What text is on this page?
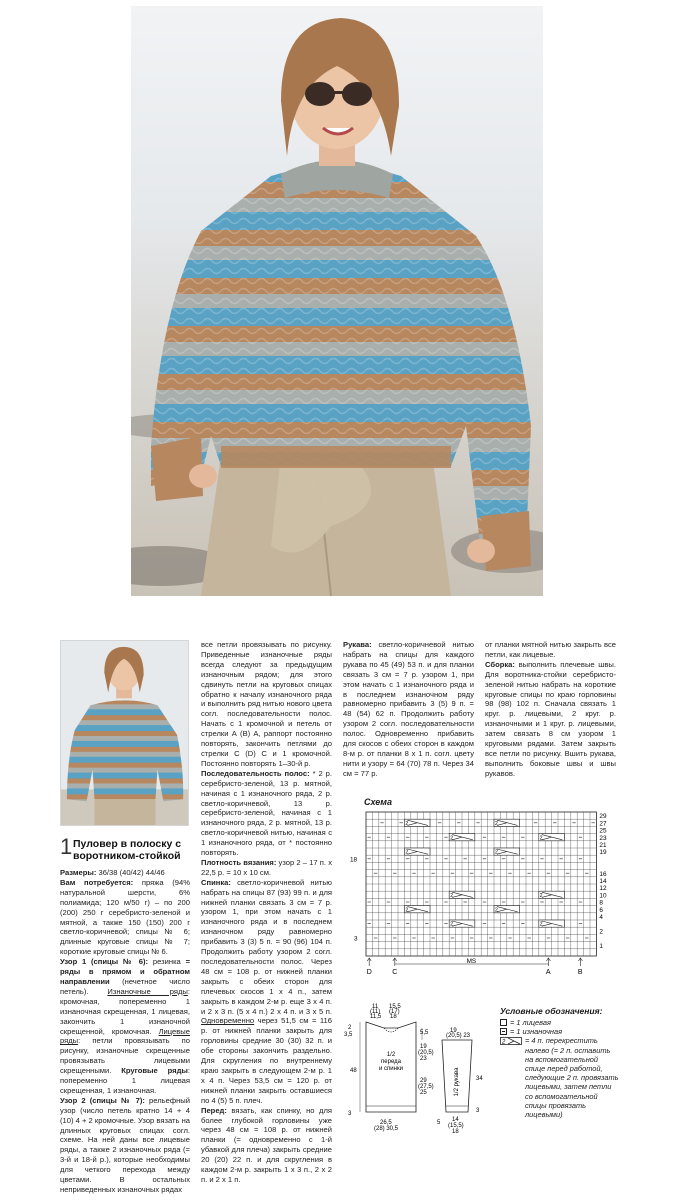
1 Пуловер в полоску с воротником-стойкой

Размеры: 36/38 (40/42) 44/46

Вам потребуется: пряжа (94% натуральной шерсти, 6% полиамида; 120 м/50 г) – по 200 (200) 250 г серебристо-зеленой и мятной, а также 150 (150) 200 г светло-коричневой; спицы № 6; длинные круговые спицы № 7; короткие круговые спицы № 6.

Узор 1 (спицы № 6): резинка = ряды в прямом и обратном направлении (нечетное число петель). Изнаночные ряды: кромочная, попеременно 1 изнаночная скрещенная, 1 лицевая, закончить 1 изнаночной скрещенной, кромочная. Лицевые ряды: петли провязывать по рисунку, изнаночные скрещенные провязывать лицевыми скрещенными. Круговые ряды: попеременно 1 лицевая скрещенная, 1 изнаночная.

Узор 2 (спицы № 7): рельефный узор (число петель кратно 14 + 4 (10) 4 + 2 кромочные. Узор вязать на длинных круговых спицах согл. схеме. На ней даны все лицевые ряды, а также 2 изнаночных ряда (= 3-й и 18-й р.), которые необходимы для четкого перехода между цветами. В остальных неприведенных изнаночных рядах

все петли провязывать по рисунку. Приведенные изнаночные ряды всегда следуют за предыдущим изнаночным рядом; для этого сдвинуть петли на круговых спицах обратно к началу изнаночного ряда и выполнить ряд нитью нового цвета согл. последовательности полос. Начать с 1 кромочной и петель от стрелки А (В) А, раппорт постоянно повторять, закончить петлями до стрелки С (D) С и 1 кромочной. Постоянно повторять 1–30-й р.

Последовательность полос: * 2 р. серебристо-зеленой, 13 р. мятной, начиная с 1 изнаночного ряда, 2 р. светло-коричневой, 13 р. серебристо-зеленой, начиная с 1 изнаночного ряда, 2 р. мятной, 13 р. светло-коричневой нитью, начиная с 1 изнаночного ряда, от * постоянно повторять.

Плотность вязания: узор 2 – 17 п. х 22,5 р. = 10 х 10 см.

Спинка: светло-коричневой нитью набрать на спицы 87 (93) 99 п. и для нижней планки связать 3 см = 7 р. узором 1, при этом начать с 1 изнаночного ряда и в последнем изнаночном ряду равномерно прибавить 3 (3) 5 п. = 90 (96) 104 п. Продолжить работу узором 2 согл. последовательности полос. Через 48 см = 108 р. от нижней планки закрыть с обеих сторон для плечевых скосов 1 х 4 п., затем закрыть в каждом 2-м р. еще 3 х 4 п. и 2 х 3 п. (5 х 4 п.) 2 х 4 п. и 3 х 5 п. Одновременно через 51,5 см = 116 р. от нижней планки закрыть для горловины средние 30 (30) 32 п. и обе стороны закончить раздельно. Для скругления по внутреннему краю закрыть в следующем 2-м р. 1 х 4 п. Через 53,5 см = 120 р. от нижней планки закрыть оставшиеся по 4 (5) 5 п. плеч.

Перед: вязать, как спинку, но для более глубокой горловины уже через 48 см = 108 р. от нижней планки (= одновременно с 1-й убавкой для плеча) закрыть средние 20 (20) 22 п. и для скругления в каждом 2-м р. закрыть 1 х 3 п., 2 х 2 п. и 2 х 1 п.

Рукава: светло-коричневой нитью набрать на спицы для каждого рукава по 45 (49) 53 п. и для планки связать 3 см = 7 р. узором 1, при этом начать с 1 изнаночного ряда и в последнем изнаночном ряду равномерно прибавить 3 (5) 9 п. = 48 (54) 62 п. Продолжить работу узором 2 согл. последовательности полос. Одновременно прибавить для скосов с обеих сторон в каждом 8-м р. от планки 8 х 1 п. согл. цвету нити и узору = 64 (70) 78 п. Через 34 см = 77 р.

от планки мятной нитью закрыть все петли, как лицевые.

Сборка: выполнить плечевые швы. Для воротника-стойки серебристо-зеленой нитью набрать на короткие круговые спицы по краю горловины 98 (98) 102 п. Сначала связать 1 круг. р. лицевыми, 2 круг. р. изнаночными и 1 круг. р. лицевыми, затем связать 8 см узором 1 круговыми рядами. Затем закрыть все петли по рисунку. Вшить рукава, выполнить боковые швы и швы рукавов.

Схема
2	2
2	2
2	2
2	2
2	2
2	2
29
27
25
23
21
19
16
14
12
10
8
6
4
2
1
18
3
D	C	A	B
MS
1/2
переда
и спинки
11
(11)
11,5
15,5
(17)
18
2
3,5	5,5
19
(20,5)
23
29
(27,5)
25
48
3
26,5
(28) 30,5
1/2 рукава
19
(20,5) 23
34
3
14
(15,5)
18
5
Условные обозначения:
= 1 лицевая
= 1 изнаночная
2	= 4 п. перекрестить налево (= 2 п. оставить на вспомогательной спице перед работой, следующие 2 п. провязать лицевыми, затем петли со вспомогательной спицы провязать лицевыми)
